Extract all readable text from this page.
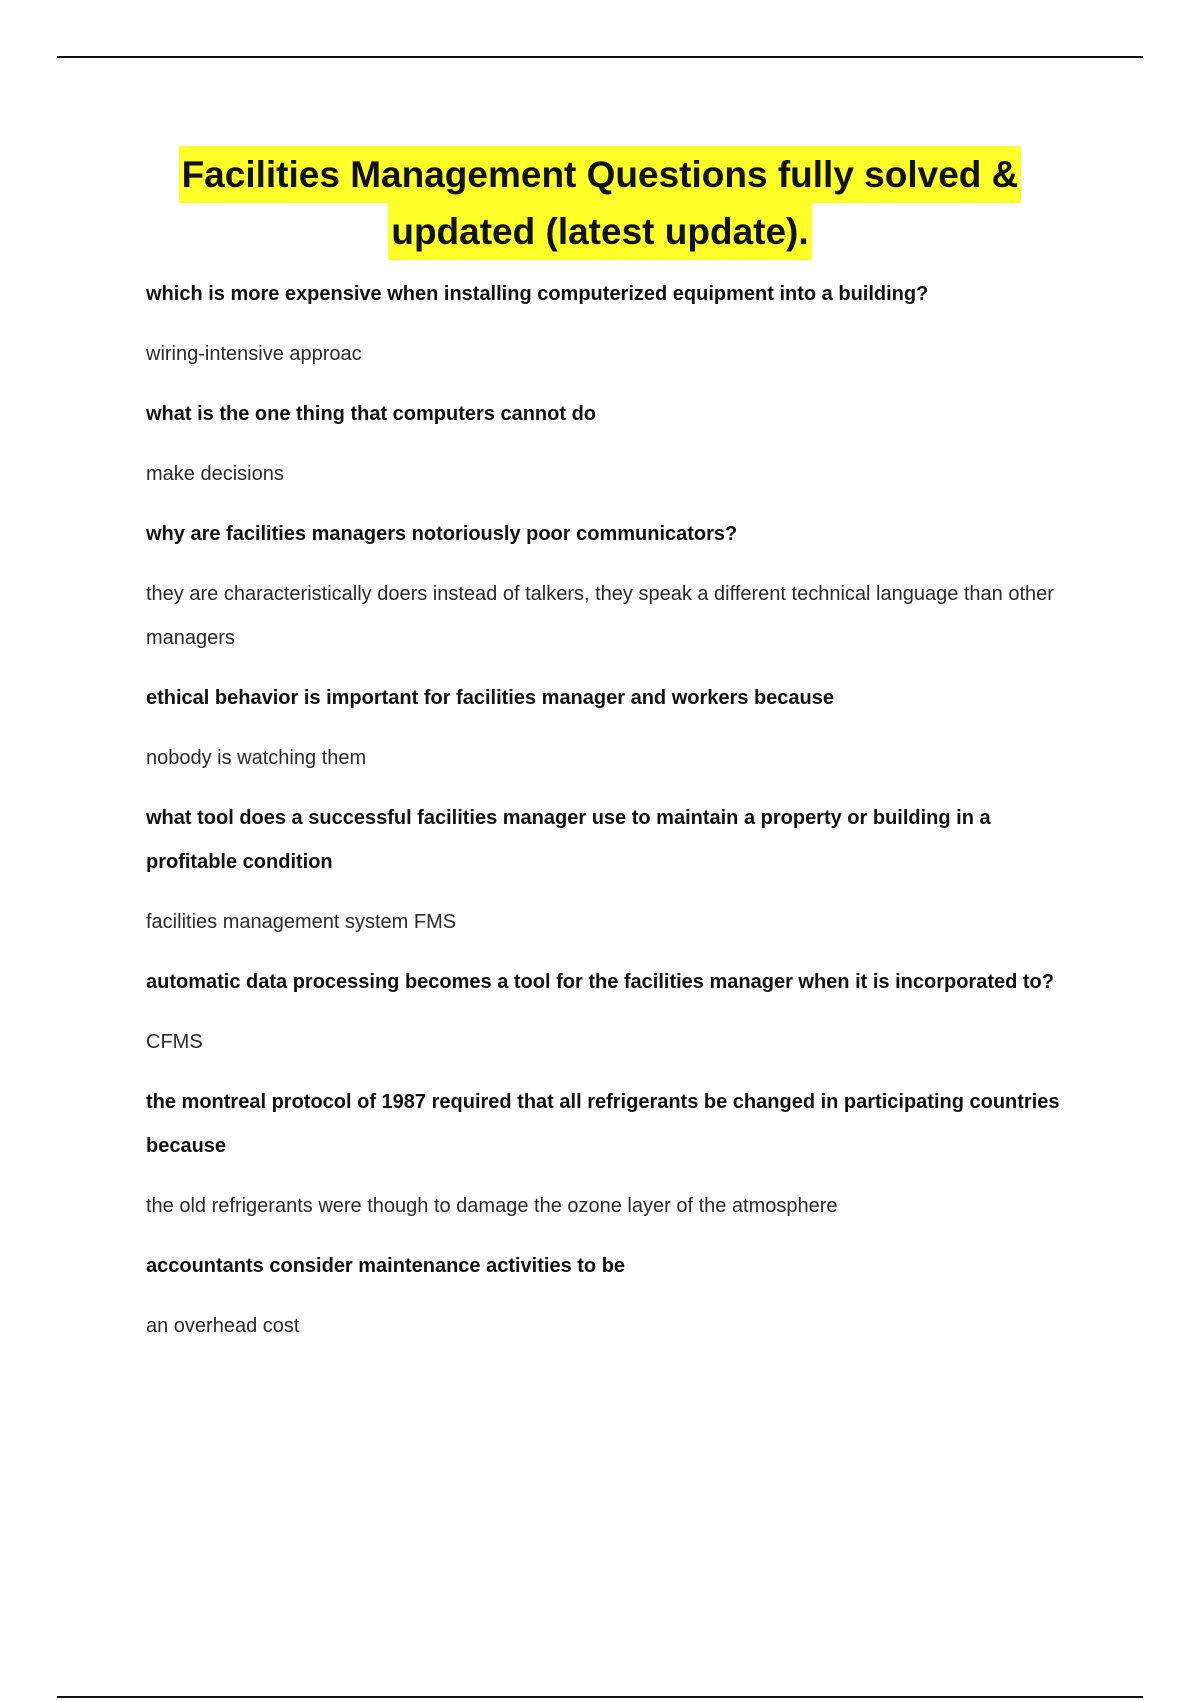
Facilities Management Questions fully solved &
updated (latest update).

which is more expensive when installing computerized equipment into a building?

wiring-intensive approac

what is the one thing that computers cannot do

make decisions

why are facilities managers notoriously poor communicators?

they are characteristically doers instead of talkers, they speak a different technical language than other managers

ethical behavior is important for facilities manager and workers because

nobody is watching them

what tool does a successful facilities manager use to maintain a property or building in a profitable condition

facilities management system FMS

automatic data processing becomes a tool for the facilities manager when it is incorporated to?

CFMS

the montreal protocol of 1987 required that all refrigerants be changed in participating countries because

the old refrigerants were though to damage the ozone layer of the atmosphere

accountants consider maintenance activities to be

an overhead cost
